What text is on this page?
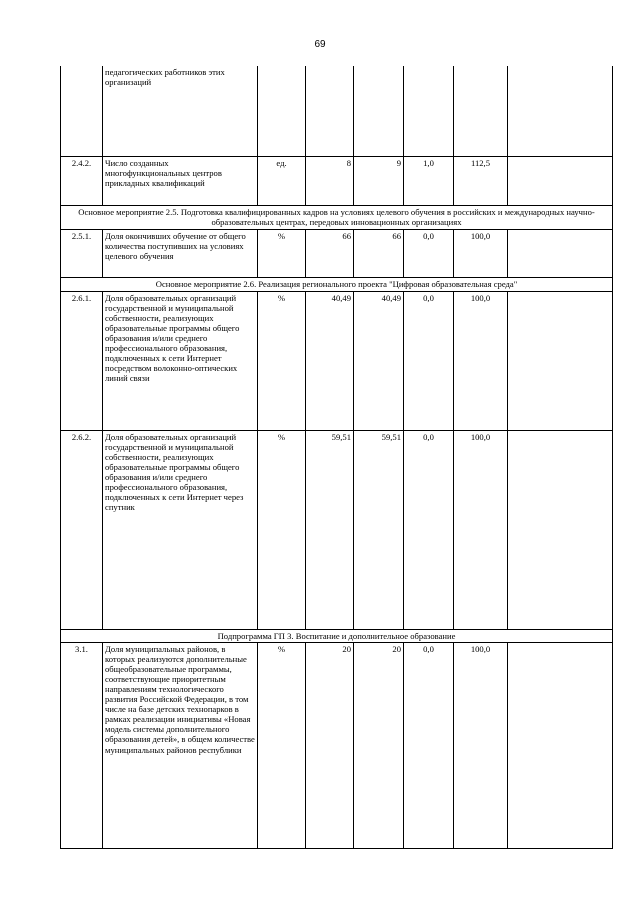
69
	педагогических работников этих организаций						
2.4.2.	Число созданных многофункциональных центров прикладных квалификаций	ед.	8	9	1,0	112,5	
Основное мероприятие 2.5. Подготовка квалифицированных кадров на условиях целевого обучения в российских и международных научно-образовательных центрах, передовых инновационных организациях							
2.5.1.	Доля окончивших обучение от общего количества поступивших на условиях целевого обучения	%	66	66	0,0	100,0	
Основное мероприятие 2.6. Реализация регионального проекта "Цифровая образовательная среда"							
2.6.1.	Доля образовательных организаций государственной и муниципальной собственности, реализующих образовательные программы общего образования и/или среднего профессионального образования, подключенных к сети Интернет посредством волоконно-оптических линий связи	%	40,49	40,49	0,0	100,0	
2.6.2.	Доля образовательных организаций государственной и муниципальной собственности, реализующих образовательные программы общего образования и/или среднего профессионального образования, подключенных к сети Интернет через спутник	%	59,51	59,51	0,0	100,0	
Подпрограмма ГП 3. Воспитание и дополнительное образование							
3.1.	Доля муниципальных районов, в которых реализуются дополнительные общеобразовательные программы, соответствующие приоритетным направлениям технологического развития Российской Федерации, в том числе на базе детских технопарков в рамках реализации инициативы «Новая модель системы дополнительного образования детей», в общем количестве муниципальных районов республики	%	20	20	0,0	100,0	
